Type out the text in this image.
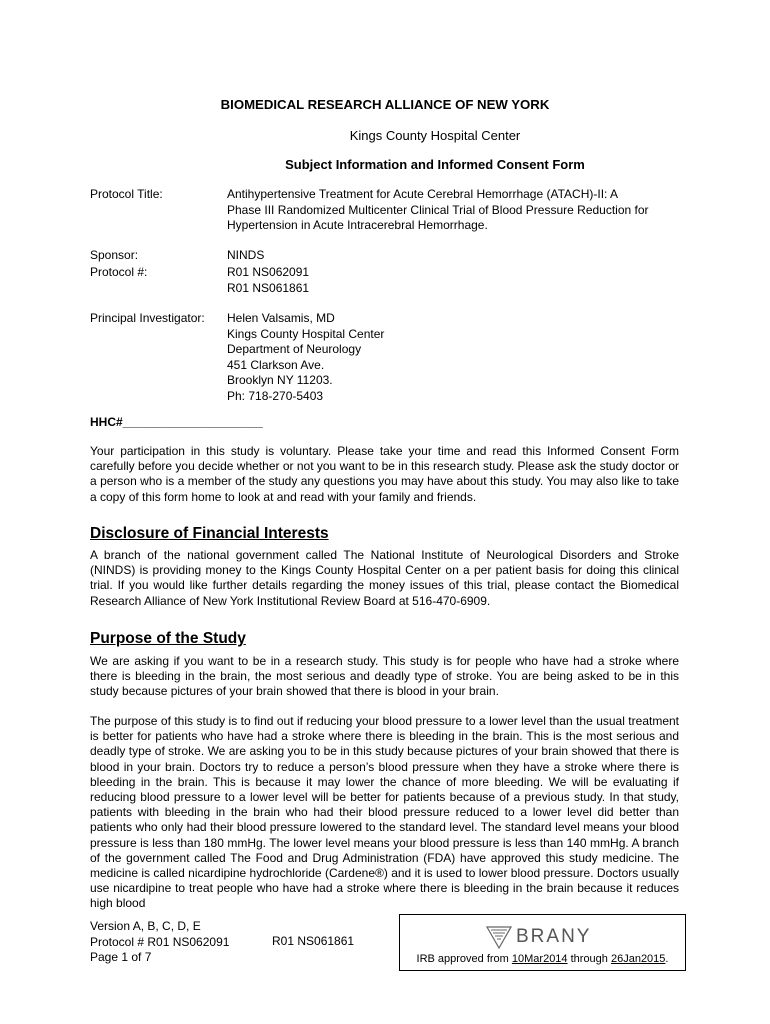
BIOMEDICAL RESEARCH ALLIANCE OF NEW YORK
Kings County Hospital Center
Subject Information and Informed Consent Form
Protocol Title:	Antihypertensive Treatment for Acute Cerebral Hemorrhage (ATACH)-II: A
Phase III Randomized Multicenter Clinical Trial of Blood Pressure Reduction for
Hypertension in Acute Intracerebral Hemorrhage.
Sponsor:	NINDS
Protocol #:	R01 NS062091
R01 NS061861
Principal Investigator: Helen Valsamis, MD
Kings County Hospital Center
Department of Neurology
451 Clarkson Ave.
Brooklyn NY 11203.
Ph: 718-270-5403
HHC#_____________________
Your participation in this study is voluntary. Please take your time and read this Informed Consent Form carefully before you decide whether or not you want to be in this research study. Please ask the study doctor or a person who is a member of the study any questions you may have about this study. You may also like to take a copy of this form home to look at and read with your family and friends.
Disclosure of Financial Interests
A branch of the national government called The National Institute of Neurological Disorders and Stroke (NINDS) is providing money to the Kings County Hospital Center on a per patient basis for doing this clinical trial. If you would like further details regarding the money issues of this trial, please contact the Biomedical Research Alliance of New York Institutional Review Board at 516-470-6909.
Purpose of the Study
We are asking if you want to be in a research study. This study is for people who have had a stroke where there is bleeding in the brain, the most serious and deadly type of stroke. You are being asked to be in this study because pictures of your brain showed that there is blood in your brain.
The purpose of this study is to find out if reducing your blood pressure to a lower level than the usual treatment is better for patients who have had a stroke where there is bleeding in the brain. This is the most serious and deadly type of stroke. We are asking you to be in this study because pictures of your brain showed that there is blood in your brain. Doctors try to reduce a person’s blood pressure when they have a stroke where there is bleeding in the brain. This is because it may lower the chance of more bleeding. We will be evaluating if reducing blood pressure to a lower level will be better for patients because of a previous study. In that study, patients with bleeding in the brain who had their blood pressure reduced to a lower level did better than patients who only had their blood pressure lowered to the standard level. The standard level means your blood pressure is less than 180 mmHg. The lower level means your blood pressure is less than 140 mmHg. A branch of the government called The Food and Drug Administration (FDA) have approved this study medicine. The medicine is called nicardipine hydrochloride (Cardene®) and it is used to lower blood pressure. Doctors usually use nicardipine to treat people who have had a stroke where there is bleeding in the brain because it reduces high blood
Version A, B, C, D, E
Protocol # R01 NS062091
Page 1 of 7
R01 NS061861	BRANY
IRB approved from 10Mar2014 through 26Jan2015.
